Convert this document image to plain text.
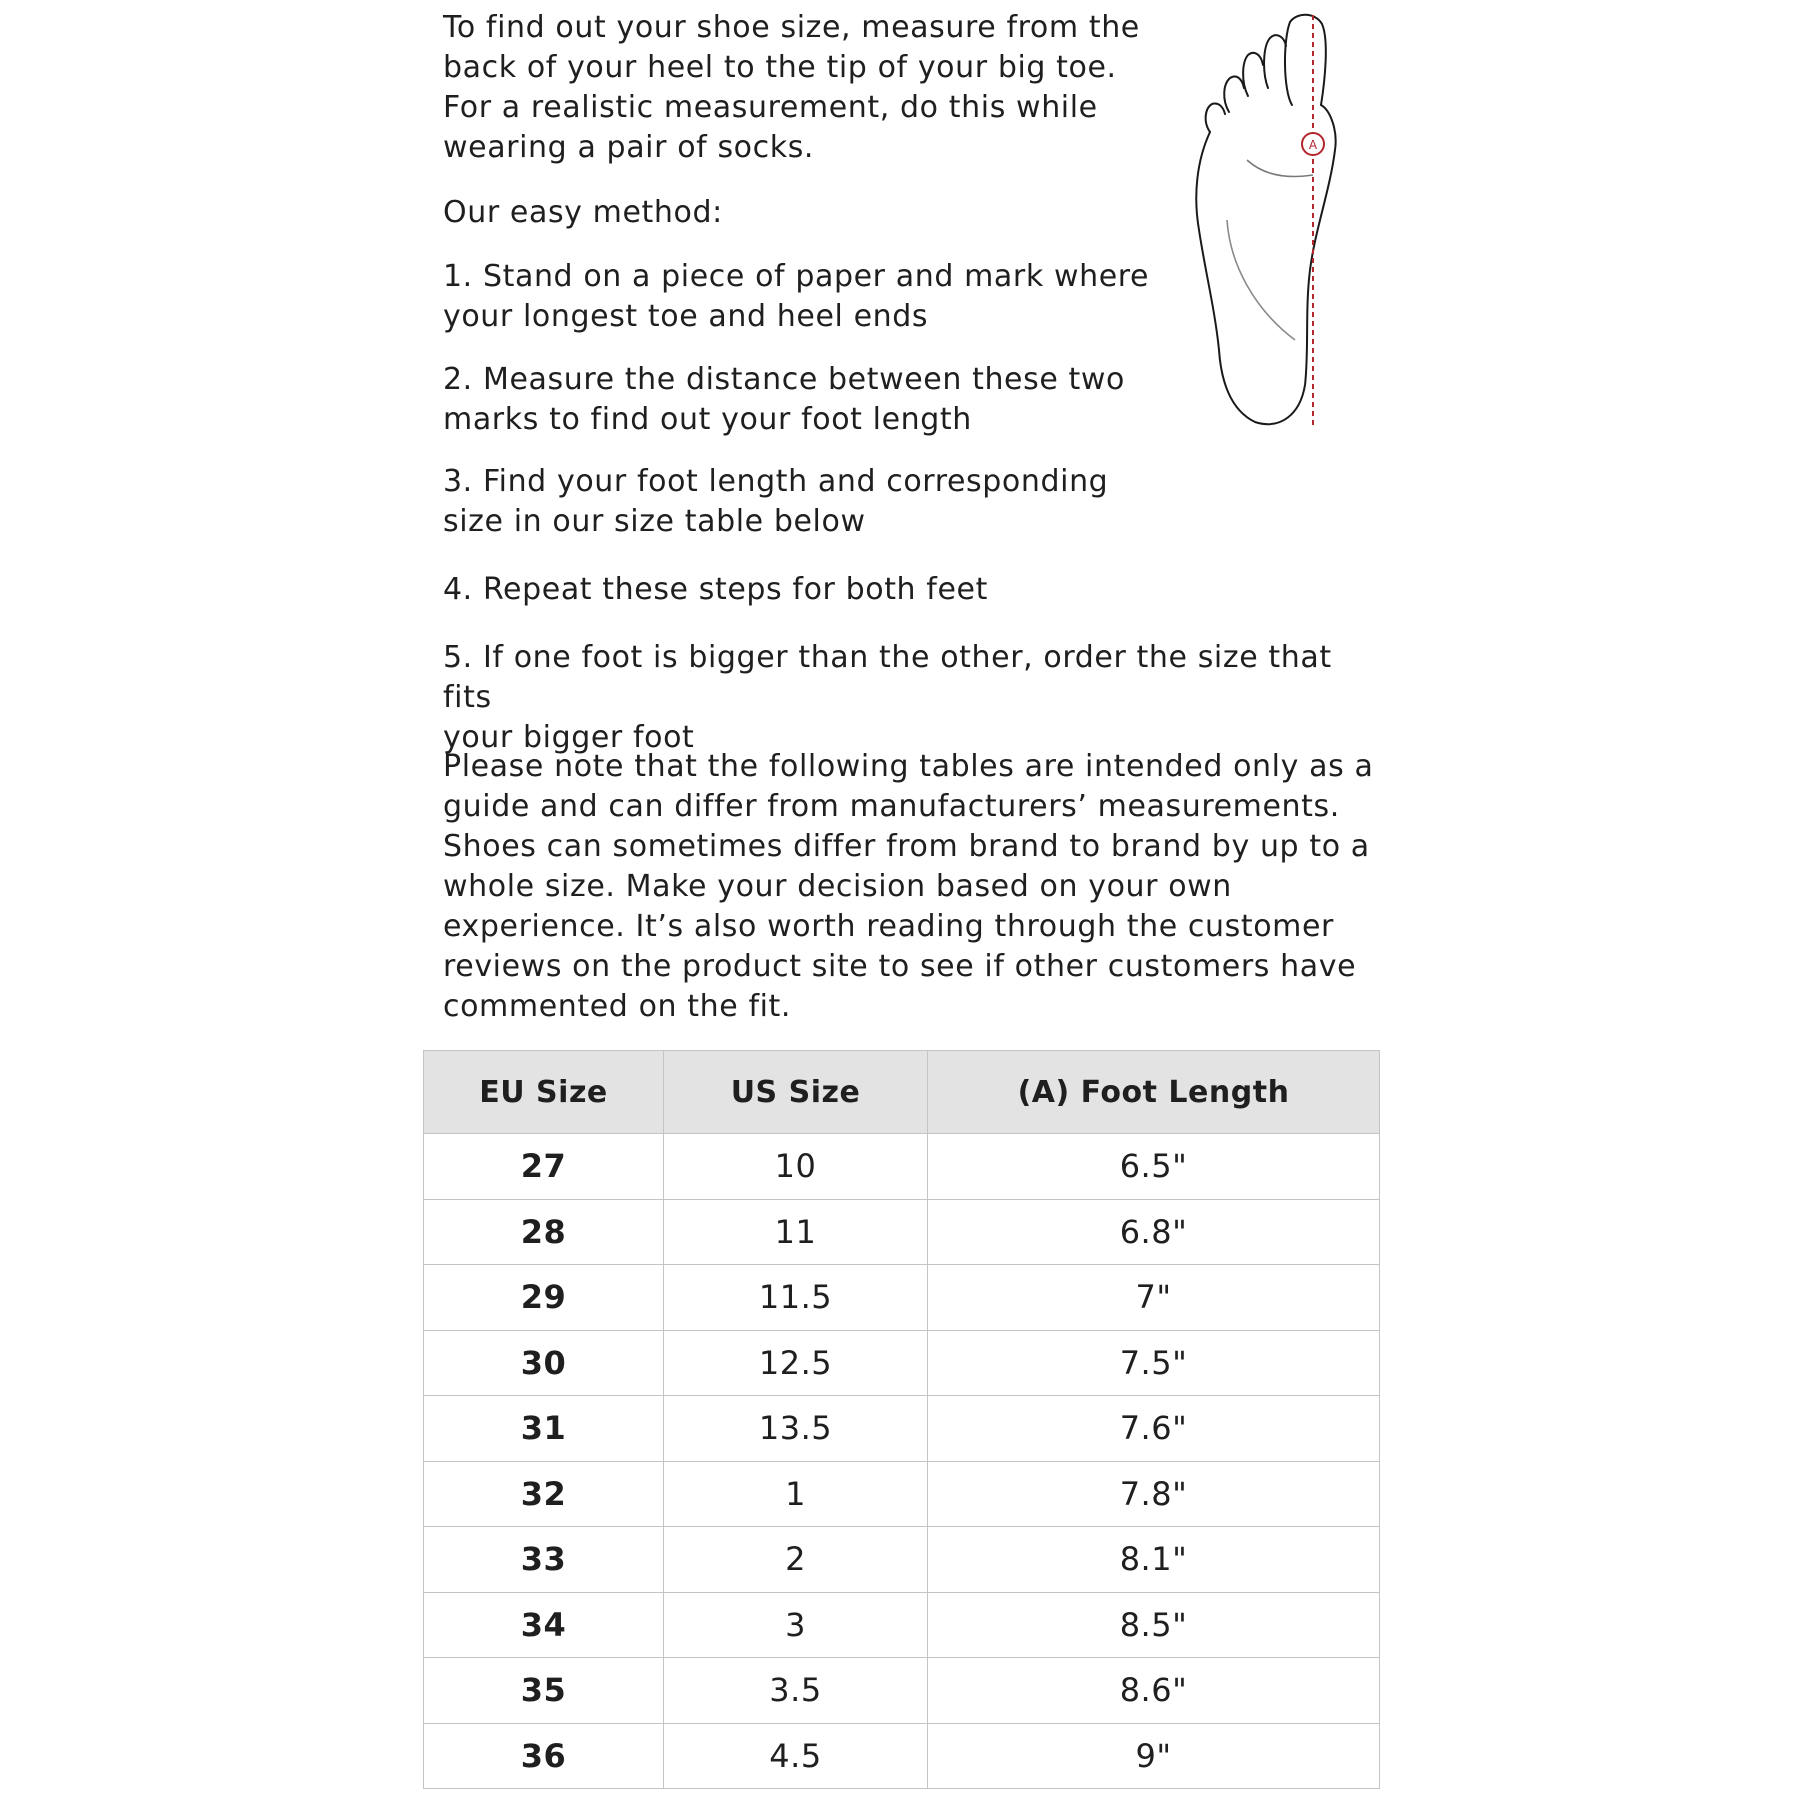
To find out your shoe size, measure from the
back of your heel to the tip of your big toe.
For a realistic measurement, do this while
wearing a pair of socks.

Our easy method:

1. Stand on a piece of paper and mark where
your longest toe and heel ends

2. Measure the distance between these two
marks to find out your foot length

3. Find your foot length and corresponding
size in our size table below

4. Repeat these steps for both feet

5. If one foot is bigger than the other, order the size that fits
your bigger foot

Please note that the following tables are intended only as a
guide and can differ from manufacturers’ measurements.
Shoes can sometimes differ from brand to brand by up to a
whole size. Make your decision based on your own
experience. It’s also worth reading through the customer
reviews on the product site to see if other customers have
commented on the fit.

A
EU Size	US Size	(A) Foot Length
27	10	6.5"
28	11	6.8"
29	11.5	7"
30	12.5	7.5"
31	13.5	7.6"
32	1	7.8"
33	2	8.1"
34	3	8.5"
35	3.5	8.6"
36	4.5	9"
